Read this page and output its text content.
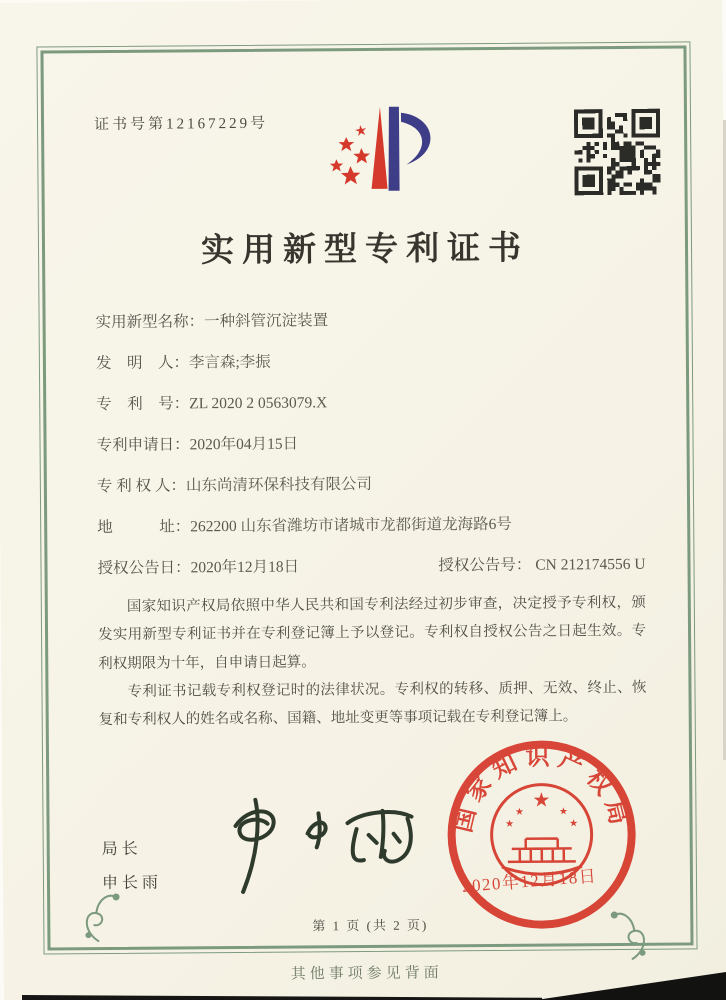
证书号第12167229号
实用新型专利证书
实用新型名称： 一种斜管沉淀装置
发　明　人： 李言森;李振
专　利　号： ZL 2020 2 0563079.X
专利申请日： 2020年04月15日
专 利 权 人： 山东尚清环保科技有限公司
地　　　址： 262200 山东省潍坊市诸城市龙都街道龙海路6号
授权公告日： 2020年12月18日	授权公告号： CN 212174556 U

国家知识产权局依照中华人民共和国专利法经过初步审查，决定授予专利权，颁发实用新型专利证书并在专利登记簿上予以登记。专利权自授权公告之日起生效。专利权期限为十年，自申请日起算。

专利证书记载专利权登记时的法律状况。专利权的转移、质押、无效、终止、恢复和专利权人的姓名或名称、国籍、地址变更等事项记载在专利登记簿上。

局长
申长雨
国家知识产权局
★
★	★
★	★
2020年12月18日
第 1 页 (共 2 页)
其他事项参见背面
